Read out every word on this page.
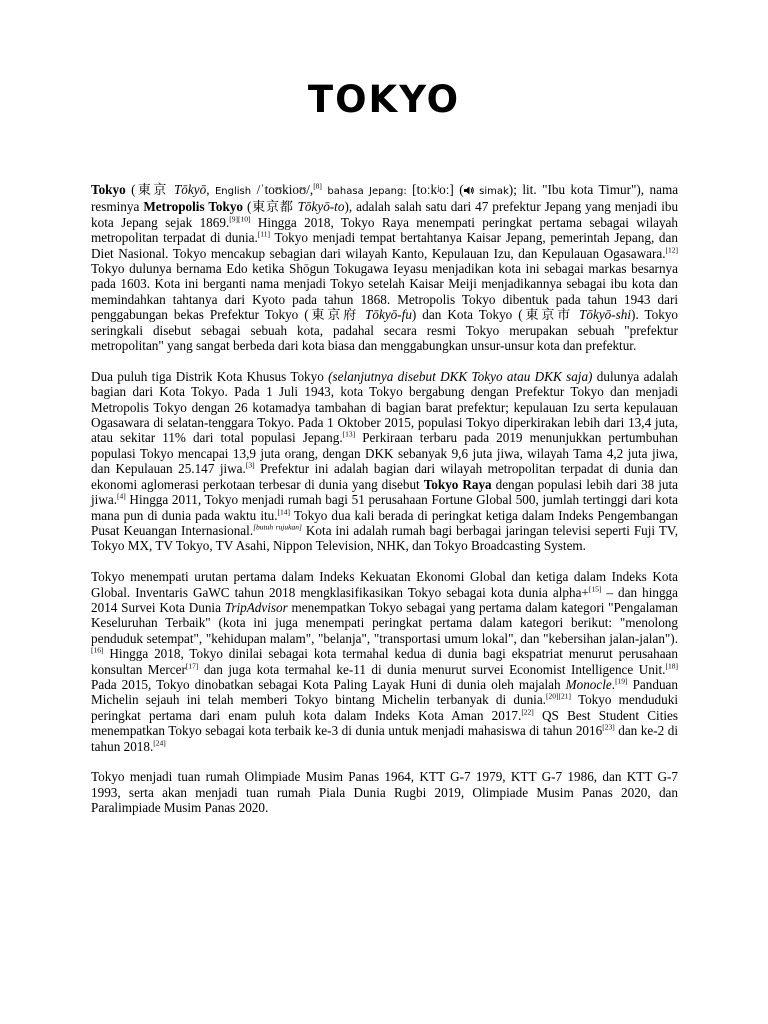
TOKYO

Tokyo (東京 Tōkyō, English /ˈtoʊkioʊ/,[8] bahasa Jepang: [toːkʲoː] ( simak); lit. "Ibu kota Timur"), nama resminya Metropolis Tokyo (東京都 Tōkyō-to), adalah salah satu dari 47 prefektur Jepang yang menjadi ibu kota Jepang sejak 1869.[9][10] Hingga 2018, Tokyo Raya menempati peringkat pertama sebagai wilayah metropolitan terpadat di dunia.[11] Tokyo menjadi tempat bertahtanya Kaisar Jepang, pemerintah Jepang, dan Diet Nasional. Tokyo mencakup sebagian dari wilayah Kanto, Kepulauan Izu, dan Kepulauan Ogasawara.[12] Tokyo dulunya bernama Edo ketika Shōgun Tokugawa Ieyasu menjadikan kota ini sebagai markas besarnya pada 1603. Kota ini berganti nama menjadi Tokyo setelah Kaisar Meiji menjadikannya sebagai ibu kota dan memindahkan tahtanya dari Kyoto pada tahun 1868. Metropolis Tokyo dibentuk pada tahun 1943 dari penggabungan bekas Prefektur Tokyo (東京府 Tōkyō-fu) dan Kota Tokyo (東京市 Tōkyō-shi). Tokyo seringkali disebut sebagai sebuah kota, padahal secara resmi Tokyo merupakan sebuah "prefektur metropolitan" yang sangat berbeda dari kota biasa dan menggabungkan unsur-unsur kota dan prefektur.

Dua puluh tiga Distrik Kota Khusus Tokyo (selanjutnya disebut DKK Tokyo atau DKK saja) dulunya adalah bagian dari Kota Tokyo. Pada 1 Juli 1943, kota Tokyo bergabung dengan Prefektur Tokyo dan menjadi Metropolis Tokyo dengan 26 kotamadya tambahan di bagian barat prefektur; kepulauan Izu serta kepulauan Ogasawara di selatan-tenggara Tokyo. Pada 1 Oktober 2015, populasi Tokyo diperkirakan lebih dari 13,4 juta, atau sekitar 11% dari total populasi Jepang.[13] Perkiraan terbaru pada 2019 menunjukkan pertumbuhan populasi Tokyo mencapai 13,9 juta orang, dengan DKK sebanyak 9,6 juta jiwa, wilayah Tama 4,2 juta jiwa, dan Kepulauan 25.147 jiwa.[3] Prefektur ini adalah bagian dari wilayah metropolitan terpadat di dunia dan ekonomi aglomerasi perkotaan terbesar di dunia yang disebut Tokyo Raya dengan populasi lebih dari 38 juta jiwa.[4] Hingga 2011, Tokyo menjadi rumah bagi 51 perusahaan Fortune Global 500, jumlah tertinggi dari kota mana pun di dunia pada waktu itu.[14] Tokyo dua kali berada di peringkat ketiga dalam Indeks Pengembangan Pusat Keuangan Internasional.[butuh rujukan] Kota ini adalah rumah bagi berbagai jaringan televisi seperti Fuji TV, Tokyo MX, TV Tokyo, TV Asahi, Nippon Television, NHK, dan Tokyo Broadcasting System.

Tokyo menempati urutan pertama dalam Indeks Kekuatan Ekonomi Global dan ketiga dalam Indeks Kota Global. Inventaris GaWC tahun 2018 mengklasifikasikan Tokyo sebagai kota dunia alpha+[15] – dan hingga 2014 Survei Kota Dunia TripAdvisor menempatkan Tokyo sebagai yang pertama dalam kategori "Pengalaman Keseluruhan Terbaik" (kota ini juga menempati peringkat pertama dalam kategori berikut: "menolong penduduk setempat", "kehidupan malam", "belanja", "transportasi umum lokal", dan "kebersihan jalan-jalan").[16] Hingga 2018, Tokyo dinilai sebagai kota termahal kedua di dunia bagi ekspatriat menurut perusahaan konsultan Mercer[17] dan juga kota termahal ke-11 di dunia menurut survei Economist Intelligence Unit.[18] Pada 2015, Tokyo dinobatkan sebagai Kota Paling Layak Huni di dunia oleh majalah Monocle.[19] Panduan Michelin sejauh ini telah memberi Tokyo bintang Michelin terbanyak di dunia.[20][21] Tokyo menduduki peringkat pertama dari enam puluh kota dalam Indeks Kota Aman 2017.[22] QS Best Student Cities menempatkan Tokyo sebagai kota terbaik ke-3 di dunia untuk menjadi mahasiswa di tahun 2016[23] dan ke-2 di tahun 2018.[24]

Tokyo menjadi tuan rumah Olimpiade Musim Panas 1964, KTT G-7 1979, KTT G-7 1986, dan KTT G-7 1993, serta akan menjadi tuan rumah Piala Dunia Rugbi 2019, Olimpiade Musim Panas 2020, dan Paralimpiade Musim Panas 2020.
